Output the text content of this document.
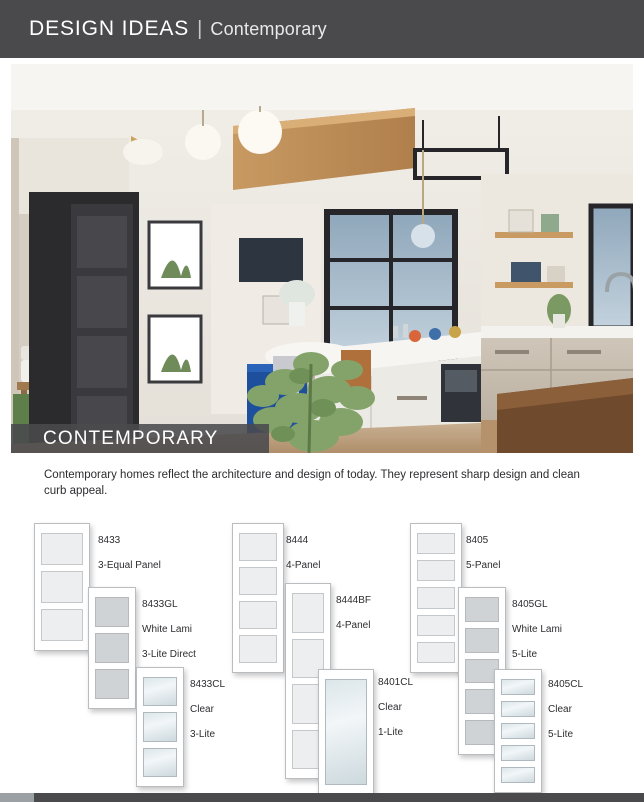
DESIGN IDEAS | Contemporary
CONTEMPORARY
Contemporary homes reflect the architecture and design of today. They represent sharp design and clean curb appeal.

8433

3-Equal Panel

8433GL

White Lami

3-Lite Direct

8433CL

Clear

3-Lite

8444

4-Panel

8444BF

4-Panel

8401CL

Clear

1-Lite

8405

5-Panel

8405GL

White Lami

5-Lite

8405CL

Clear

5-Lite
